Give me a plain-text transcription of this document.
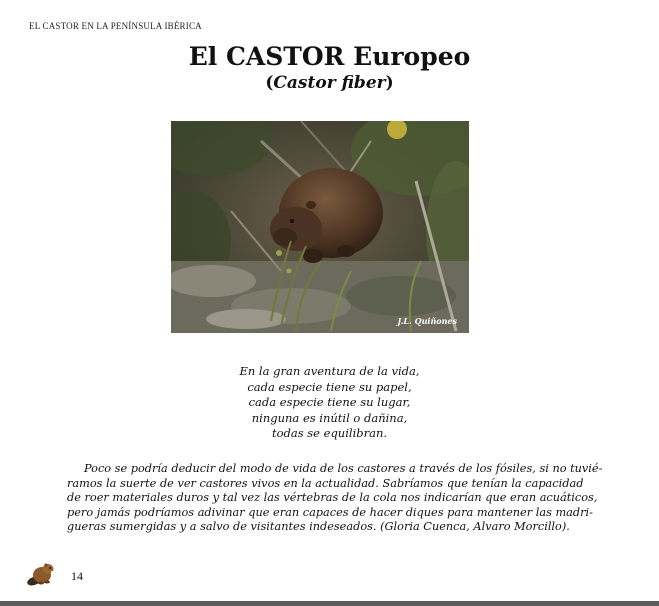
EL CASTOR EN LA PENÍNSULA IBÉRICA
El CASTOR Europeo
(Castor fiber)
J.L. Quiñones
En la gran aventura de la vida,
cada especie tiene su papel,
cada especie tiene su lugar,
ninguna es inútil o dañina,
todas se equilibran.
Poco se podría deducir del modo de vida de los castores a través de los fósiles, si no tuvié-
ramos la suerte de ver castores vivos en la actualidad. Sabríamos que tenían la capacidad
de roer materiales duros y tal vez las vértebras de la cola nos indicarían que eran acuáticos,
pero jamás podríamos adivinar que eran capaces de hacer diques para mantener las madri-
gueras sumergidas y a salvo de visitantes indeseados. (Gloria Cuenca, Alvaro Morcillo).
14
